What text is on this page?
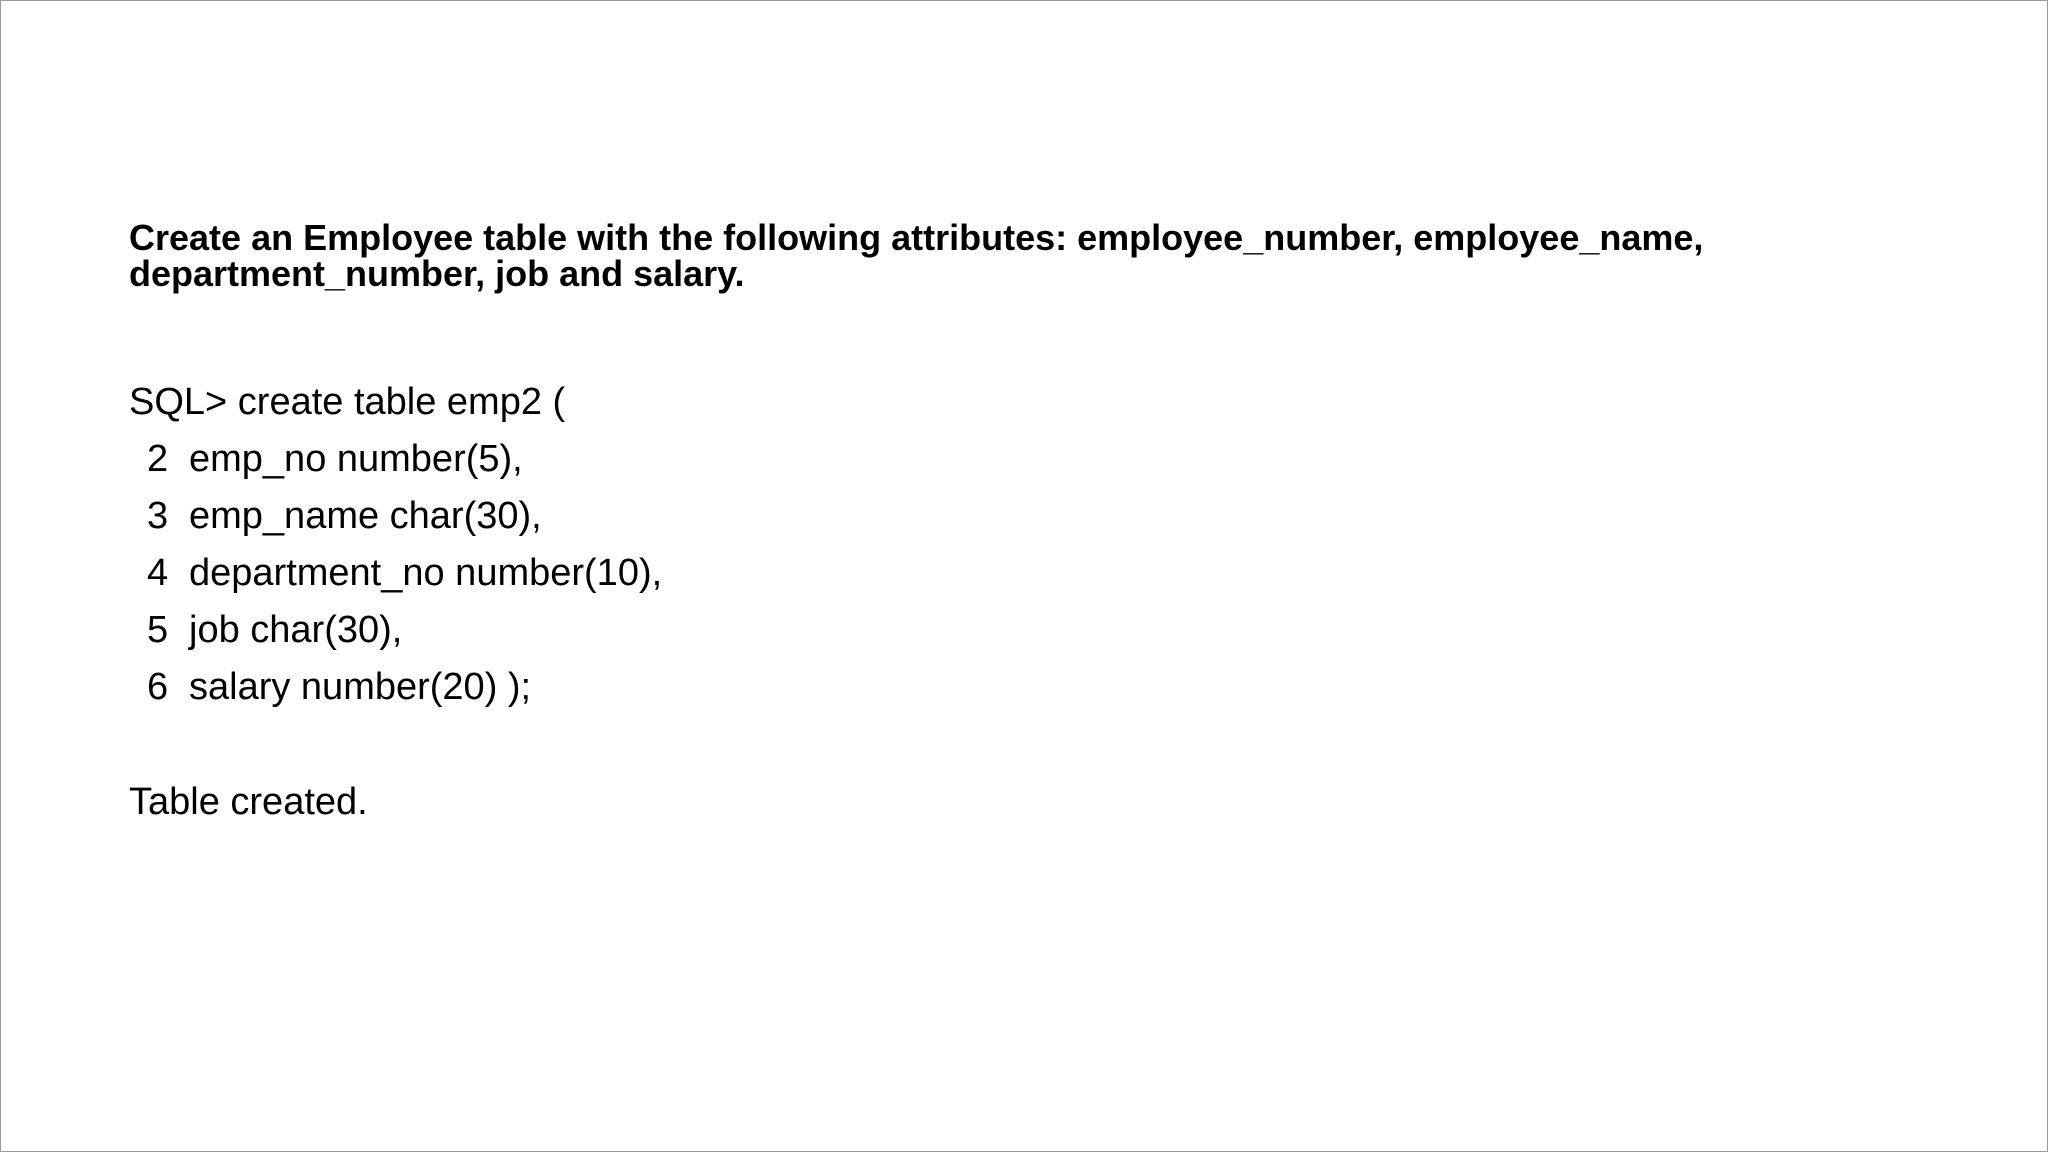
Create an Employee table with the following attributes: employee_number, employee_name,
department_number, job and salary.
SQL> create table emp2 (
2 emp_no number(5),
3 emp_name char(30),
4 department_no number(10),
5 job char(30),
6 salary number(20) );
Table created.
